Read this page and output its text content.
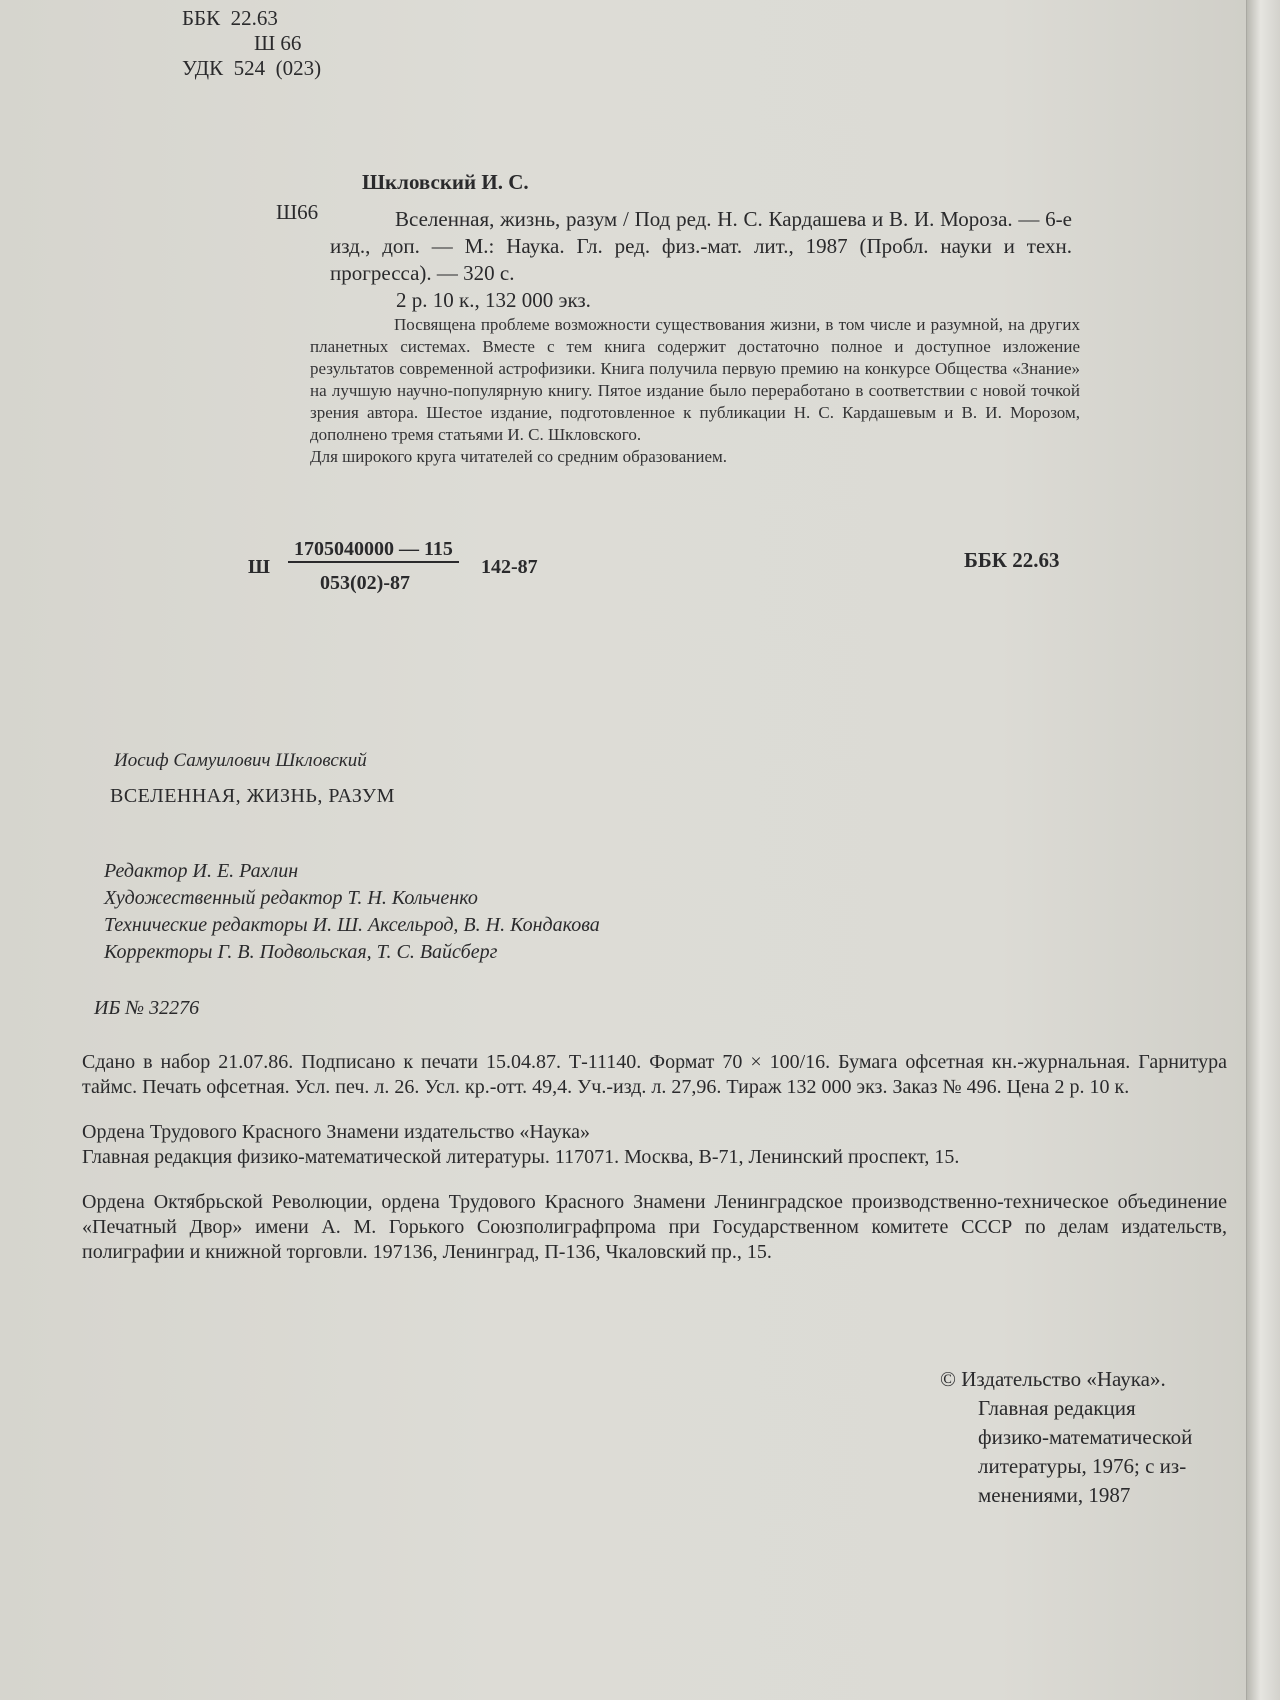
ББК  22.63
Ш 66
УДК  524  (023)
Шкловский И. С.
Ш66	Вселенная, жизнь, разум / Под ред. Н. С. Кардашева и В. И. Мороза. — 6-е изд., доп. — М.: Наука. Гл. ред. физ.-мат. лит., 1987 (Пробл. науки и техн. прогресса). — 320 с.

2 р. 10 к., 132 000 экз.

Посвящена проблеме возможности существования жизни, в том числе и разумной, на других планетных системах. Вместе с тем книга содержит достаточно полное и доступное изложение результатов современной астрофизики. Книга получила первую премию на конкурсе Общества «Знание» на лучшую научно-популярную книгу. Пятое издание было переработано в соответствии с новой точкой зрения автора. Шестое издание, подготовленное к публикации Н. С. Кардашевым и В. И. Морозом, дополнено тремя статьями И. С. Шкловского.

Для широкого круга читателей со средним образованием.

Ш
1705040000 — 115
053(02)-87
142-87	ББК 22.63
Иосиф Самуилович Шкловский
ВСЕЛЕННАЯ, ЖИЗНЬ, РАЗУМ
Редактор И. Е. Рахлин
Художественный редактор Т. Н. Кольченко
Технические редакторы И. Ш. Аксельрод, В. Н. Кондакова
Корректоры Г. В. Подвольская, Т. С. Вайсберг
ИБ № 32276

Сдано в набор 21.07.86. Подписано к печати 15.04.87. Т-11140. Формат 70 × 100/16. Бумага офсетная кн.-журнальная. Гарнитура таймс. Печать офсетная. Усл. печ. л. 26. Усл. кр.-отт. 49,4. Уч.-изд. л. 27,96. Тираж 132 000 экз. Заказ № 496. Цена 2 р. 10 к.

Ордена Трудового Красного Знамени издательство «Наука»

Главная редакция физико-математической литературы. 117071. Москва, В-71, Ленинский проспект, 15.

Ордена Октябрьской Революции, ордена Трудового Красного Знамени Ленинградское производственно-техническое объединение «Печатный Двор» имени А. М. Горького Союзполиграфпрома при Государственном комитете СССР по делам издательств, полиграфии и книжной торговли. 197136, Ленинград, П-136, Чкаловский пр., 15.

© Издательство «Наука».
Главная редакция
физико-математической
литературы, 1976; с из-
менениями, 1987
